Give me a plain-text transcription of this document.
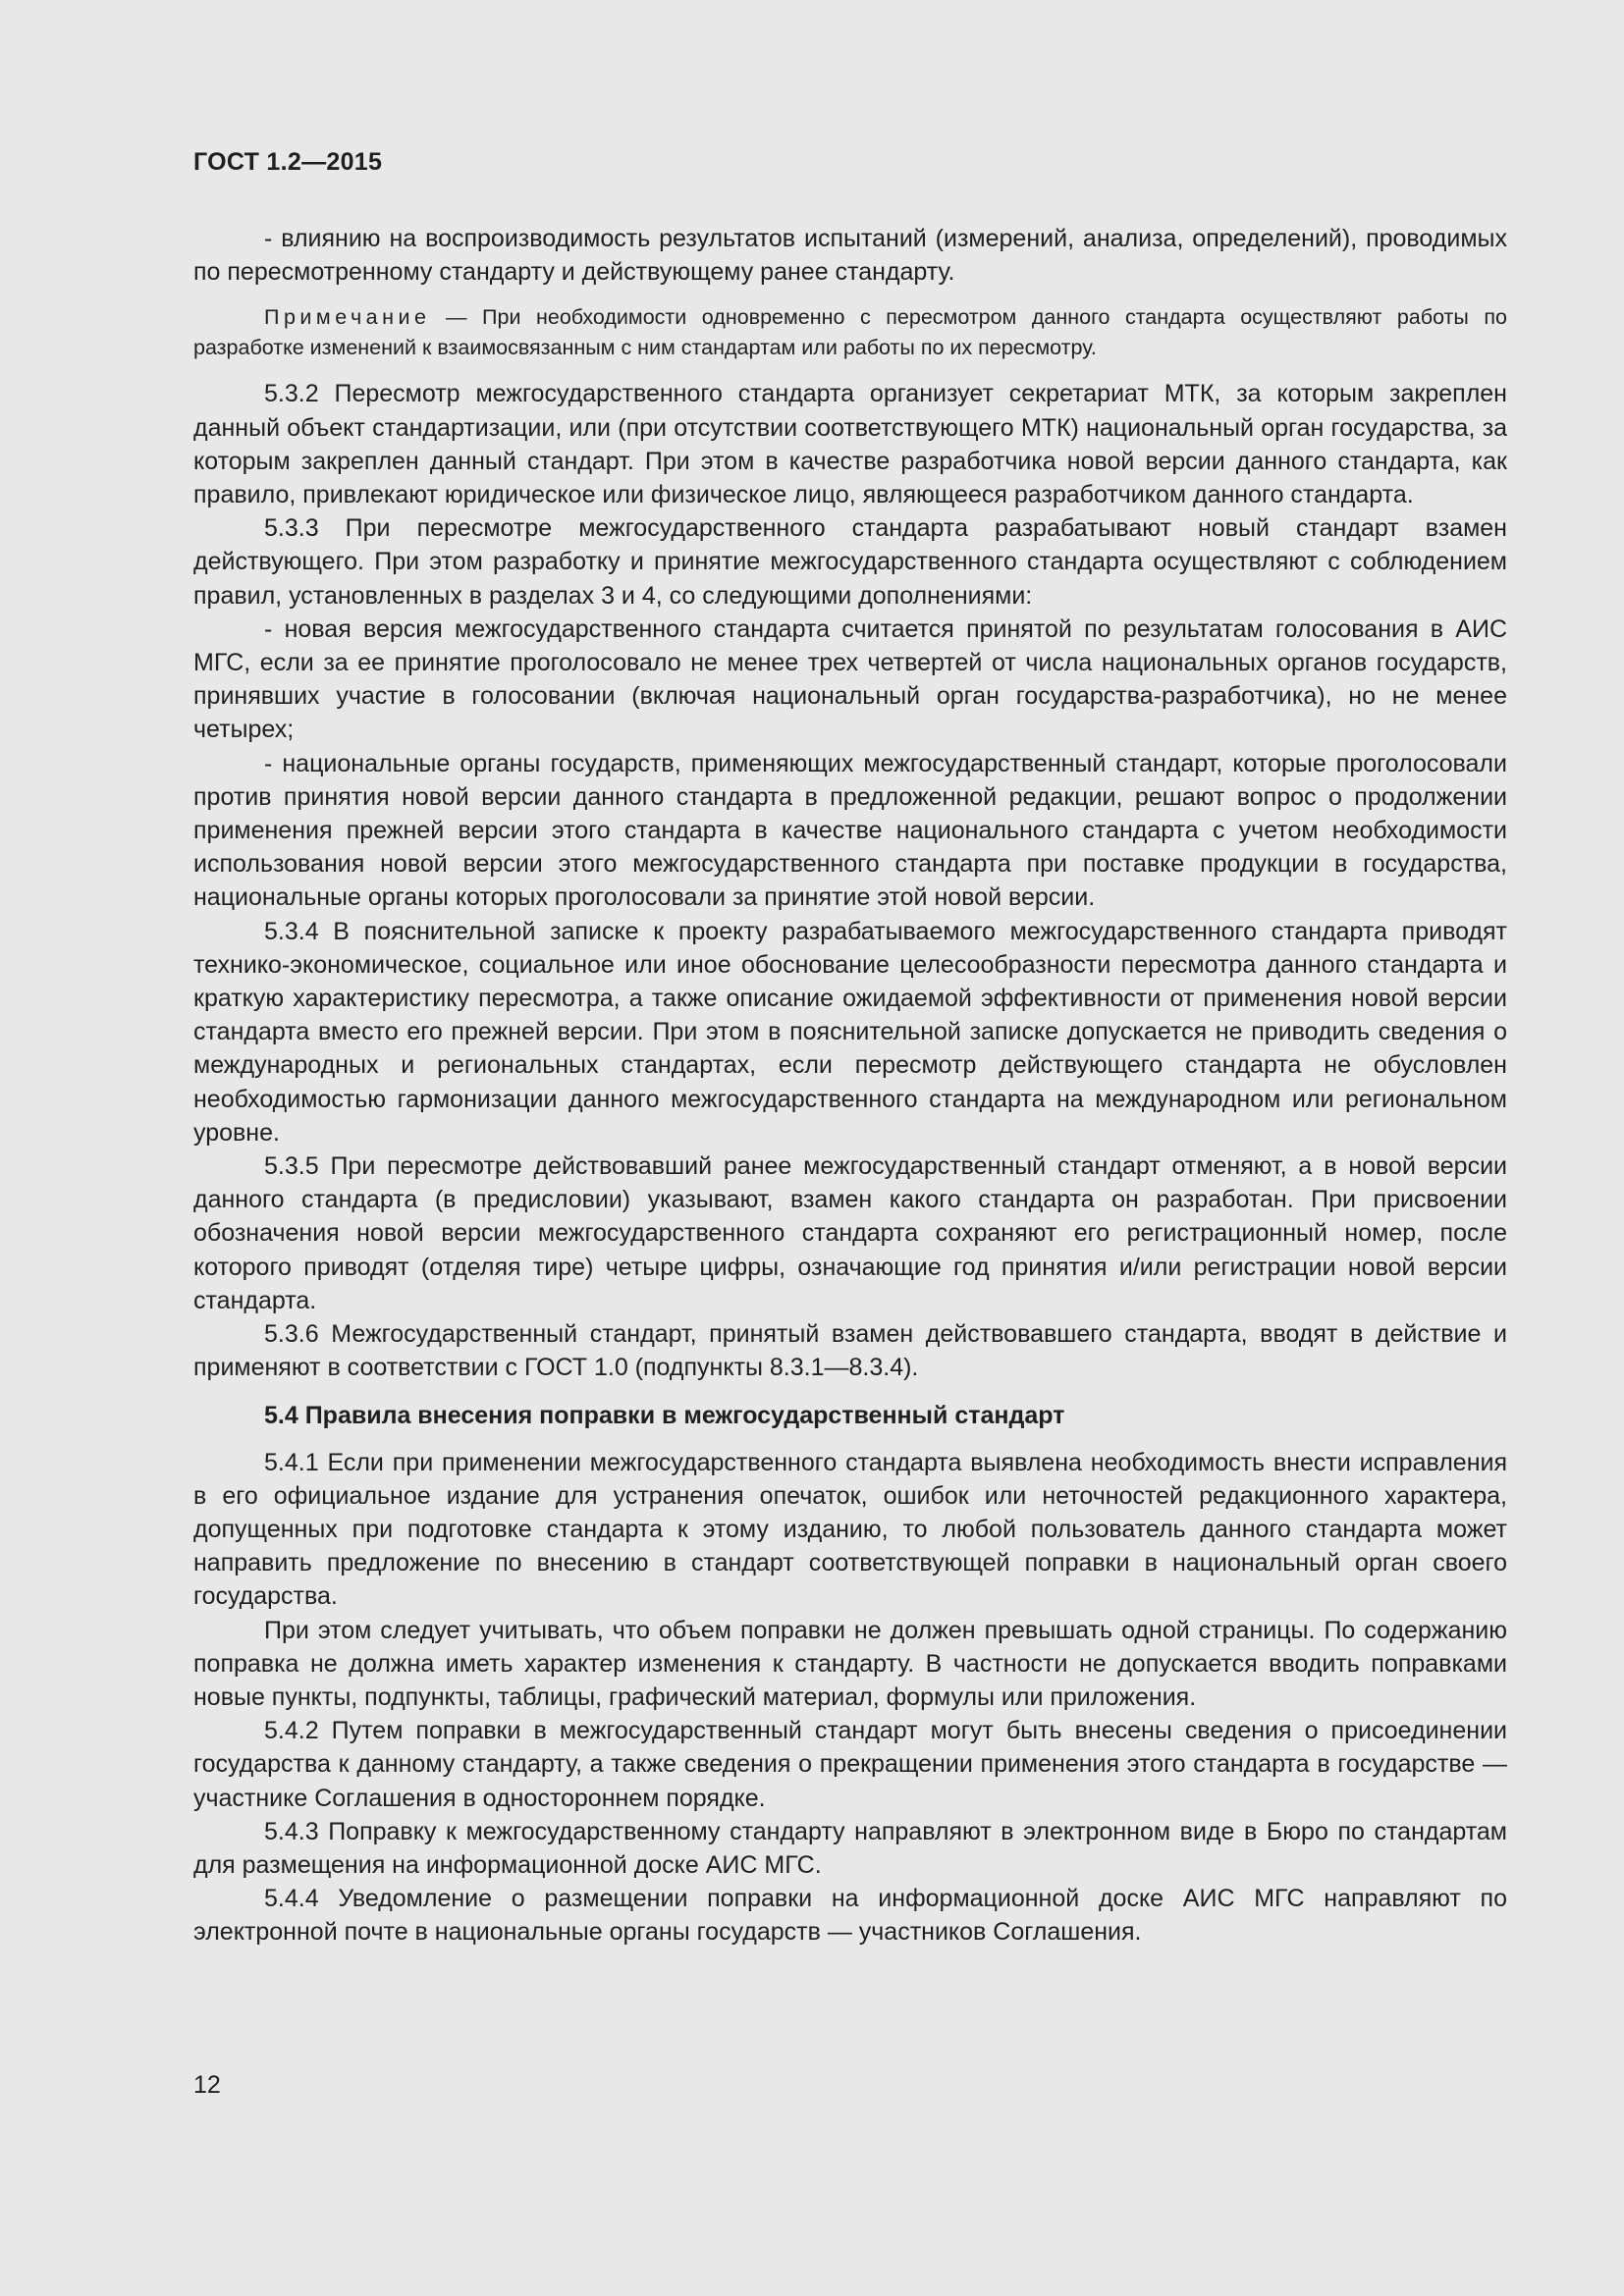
ГОСТ 1.2—2015

- влиянию на воспроизводимость результатов испытаний (измерений, анализа, определений), проводимых по пересмотренному стандарту и действующему ранее стандарту.

Примечание — При необходимости одновременно с пересмотром данного стандарта осуществляют работы по разработке изменений к взаимосвязанным с ним стандартам или работы по их пересмотру.

5.3.2 Пересмотр межгосударственного стандарта организует секретариат МТК, за которым закреплен данный объект стандартизации, или (при отсутствии соответствующего МТК) национальный орган государства, за которым закреплен данный стандарт. При этом в качестве разработчика новой версии данного стандарта, как правило, привлекают юридическое или физическое лицо, являющееся разработчиком данного стандарта.

5.3.3 При пересмотре межгосударственного стандарта разрабатывают новый стандарт взамен действующего. При этом разработку и принятие межгосударственного стандарта осуществляют с соблюдением правил, установленных в разделах 3 и 4, со следующими дополнениями:

- новая версия межгосударственного стандарта считается принятой по результатам голосования в АИС МГС, если за ее принятие проголосовало не менее трех четвертей от числа национальных органов государств, принявших участие в голосовании (включая национальный орган государства-разработчика), но не менее четырех;

- национальные органы государств, применяющих межгосударственный стандарт, которые проголосовали против принятия новой версии данного стандарта в предложенной редакции, решают вопрос о продолжении применения прежней версии этого стандарта в качестве национального стандарта с учетом необходимости использования новой версии этого межгосударственного стандарта при поставке продукции в государства, национальные органы которых проголосовали за принятие этой новой версии.

5.3.4 В пояснительной записке к проекту разрабатываемого межгосударственного стандарта приводят технико-экономическое, социальное или иное обоснование целесообразности пересмотра данного стандарта и краткую характеристику пересмотра, а также описание ожидаемой эффективности от применения новой версии стандарта вместо его прежней версии. При этом в пояснительной записке допускается не приводить сведения о международных и региональных стандартах, если пересмотр действующего стандарта не обусловлен необходимостью гармонизации данного межгосударственного стандарта на международном или региональном уровне.

5.3.5 При пересмотре действовавший ранее межгосударственный стандарт отменяют, а в новой версии данного стандарта (в предисловии) указывают, взамен какого стандарта он разработан. При присвоении обозначения новой версии межгосударственного стандарта сохраняют его регистрационный номер, после которого приводят (отделяя тире) четыре цифры, означающие год принятия и/или регистрации новой версии стандарта.

5.3.6 Межгосударственный стандарт, принятый взамен действовавшего стандарта, вводят в действие и применяют в соответствии с ГОСТ 1.0 (подпункты 8.3.1—8.3.4).

5.4 Правила внесения поправки в межгосударственный стандарт

5.4.1 Если при применении межгосударственного стандарта выявлена необходимость внести исправления в его официальное издание для устранения опечаток, ошибок или неточностей редакционного характера, допущенных при подготовке стандарта к этому изданию, то любой пользователь данного стандарта может направить предложение по внесению в стандарт соответствующей поправки в национальный орган своего государства.

При этом следует учитывать, что объем поправки не должен превышать одной страницы. По содержанию поправка не должна иметь характер изменения к стандарту. В частности не допускается вводить поправками новые пункты, подпункты, таблицы, графический материал, формулы или приложения.

5.4.2 Путем поправки в межгосударственный стандарт могут быть внесены сведения о присоединении государства к данному стандарту, а также сведения о прекращении применения этого стандарта в государстве — участнике Соглашения в одностороннем порядке.

5.4.3 Поправку к межгосударственному стандарту направляют в электронном виде в Бюро по стандартам для размещения на информационной доске АИС МГС.

5.4.4 Уведомление о размещении поправки на информационной доске АИС МГС направляют по электронной почте в национальные органы государств — участников Соглашения.

12
